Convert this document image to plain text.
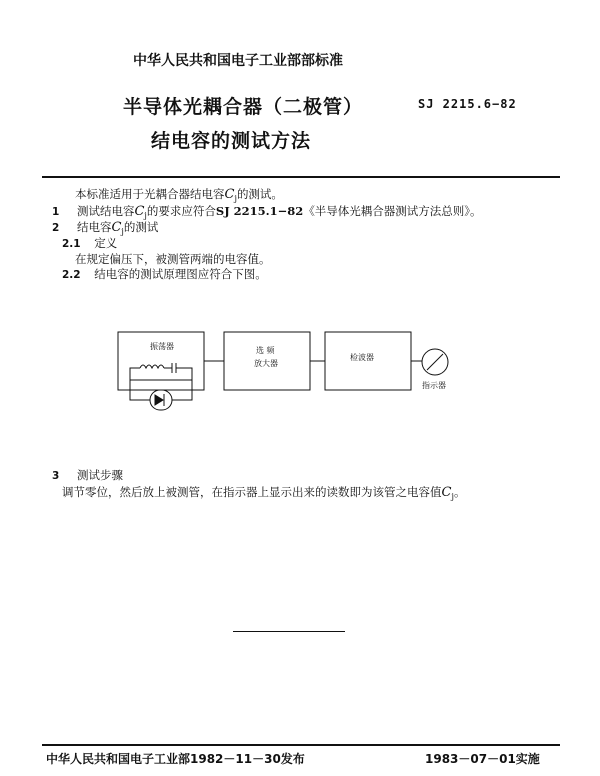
中华人民共和国电子工业部部标准
半导体光耦合器（二极管）	SJ 2215.6−82
结电容的测试方法
本标准适用于光耦合器结电容$C_j$的测试。
1 测试结电容$C_j$的要求应符合SJ 2215.1−82《半导体光耦合器测试方法总则》。
2 结电容$C_j$的测试
2.1 定义
在规定偏压下，被测管两端的电容值。
2.2 结电容的测试原理图应符合下图。
振荡器	选 频
放大器
检波器
指示器
3 测试步骤
调节零位，然后放上被测管，在指示器上显示出来的读数即为该管之电容值$C_j$。
中华人民共和国电子工业部1982－11－30发布	1983－07－01实施
